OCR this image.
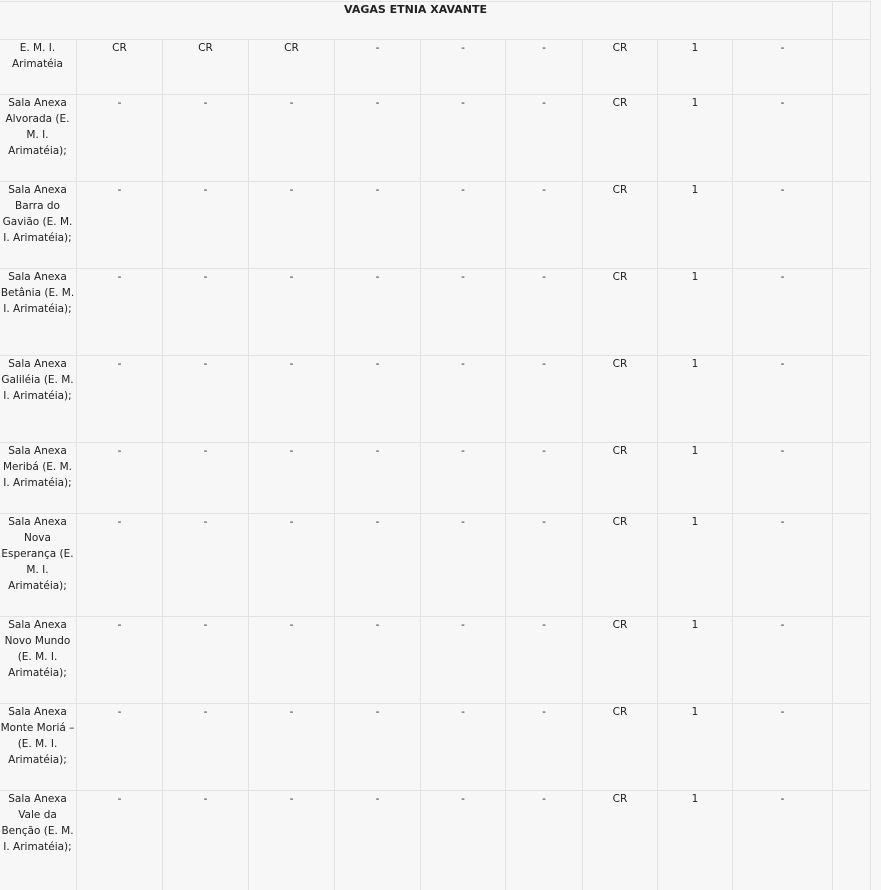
VAGAS ETNIA XAVANTE										
E. M. I. Arimatéia	CR	CR	CR	-	-	-	CR	1	-	
Sala Anexa Alvorada (E. M. I. Arimatéia);	-	-	-	-	-	-	CR	1	-	
Sala Anexa Barra do Gavião (E. M. I. Arimatéia);	-	-	-	-	-	-	CR	1	-	
Sala Anexa Betânia (E. M. I. Arimatéia);	-	-	-	-	-	-	CR	1	-	
Sala Anexa Galiléia (E. M. I. Arimatéia);	-	-	-	-	-	-	CR	1	-	
Sala Anexa Meribá (E. M. I. Arimatéia);	-	-	-	-	-	-	CR	1	-	
Sala Anexa Nova Esperança (E. M. I. Arimatéia);	-	-	-	-	-	-	CR	1	-	
Sala Anexa Novo Mundo (E. M. I. Arimatéia);	-	-	-	-	-	-	CR	1	-	
Sala Anexa Monte Moriá – (E. M. I. Arimatéia);	-	-	-	-	-	-	CR	1	-	
Sala Anexa Vale da Benção (E. M. I. Arimatéia);	-	-	-	-	-	-	CR	1	-	
